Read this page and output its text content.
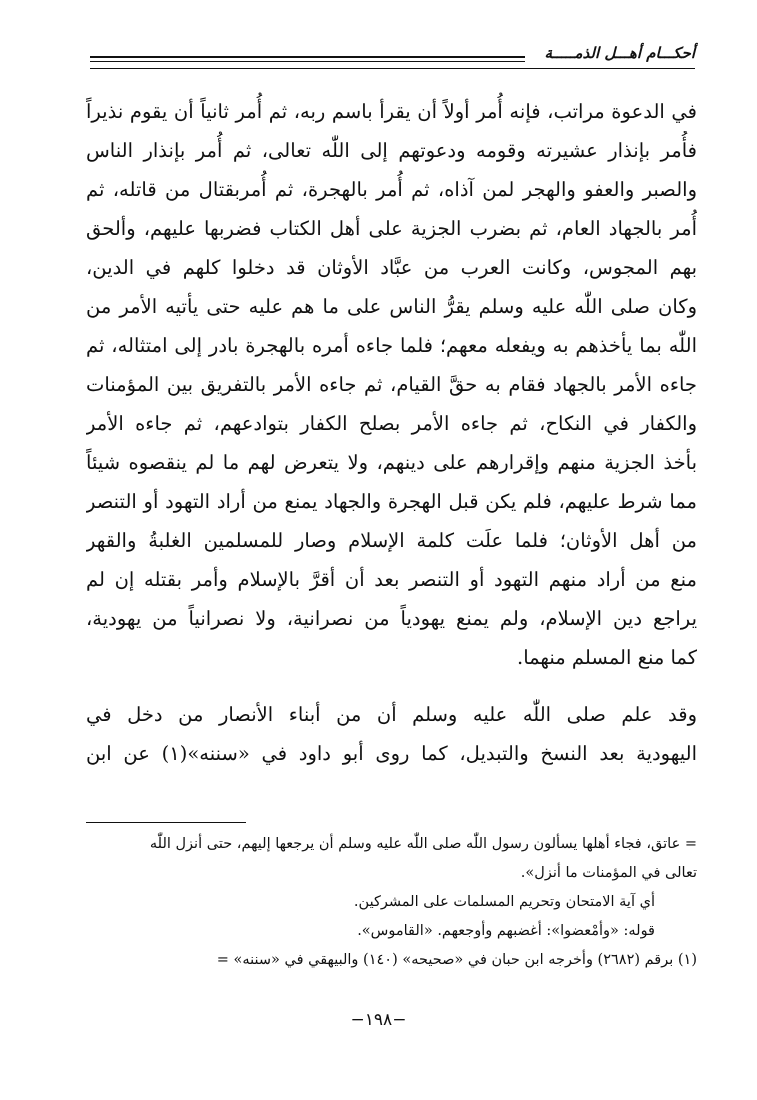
أحكـــام أهـــل الذمـــــة
في الدعوة مراتب، فإنه أُمر أولاً أن يقرأ باسم ربه، ثم أُمر ثانياً أن يقوم نذيراً
فأُمر بإنذار عشيرته وقومه ودعوتهم إلى اللّٰه تعالى، ثم أُمر بإنذار الناس
والصبر والعفو والهجر لمن آذاه، ثم أُمر بالهجرة، ثم أُمربقتال من قاتله، ثم
أُمر بالجهاد العام، ثم بضرب الجزية على أهل الكتاب فضربها عليهم، وألحق
بهم المجوس، وكانت العرب من عبَّاد الأوثان قد دخلوا كلهم في الدين،
وكان صلى اللّٰه عليه وسلم يقرُّ الناس على ما هم عليه حتى يأتيه الأمر من
اللّٰه بما يأخذهم به ويفعله معهم؛ فلما جاءه أمره بالهجرة بادر إلى امتثاله، ثم
جاءه الأمر بالجهاد فقام به حقَّ القيام، ثم جاءه الأمر بالتفريق بين المؤمنات
والكفار في النكاح، ثم جاءه الأمر بصلح الكفار بتوادعهم، ثم جاءه الأمر
بأخذ الجزية منهم وإقرارهم على دينهم، ولا يتعرض لهم ما لم ينقصوه شيئاً
مما شرط عليهم، فلم يكن قبل الهجرة والجهاد يمنع من أراد التهود أو التنصر
من أهل الأوثان؛ فلما علَت كلمة الإسلام وصار للمسلمين الغلبةُ والقهر
منع من أراد منهم التهود أو التنصر بعد أن أقرَّ بالإسلام وأمر بقتله إن لم
يراجع دين الإسلام، ولم يمنع يهودياً من نصرانية، ولا نصرانياً من يهودية،
كما منع المسلم منهما.
وقد علم صلى اللّٰه عليه وسلم أن من أبناء الأنصار من دخل في
اليهودية بعد النسخ والتبديل، كما روى أبو داود في «سننه»(١) عن ابن
= عاتق، فجاء أهلها يسألون رسول اللّٰه صلى اللّٰه عليه وسلم أن يرجعها إليهم، حتى أنزل اللّٰه
تعالى في المؤمنات ما أنزل».
أي آية الامتحان وتحريم المسلمات على المشركين.
قوله: «وأمْعضوا»: أغضبهم وأوجعهم. «القاموس».
(١) برقم (٢٦٨٢) وأخرجه ابن حبان في «صحيحه» (١٤٠) والبيهقي في «سننه» =
−١٩٨−
